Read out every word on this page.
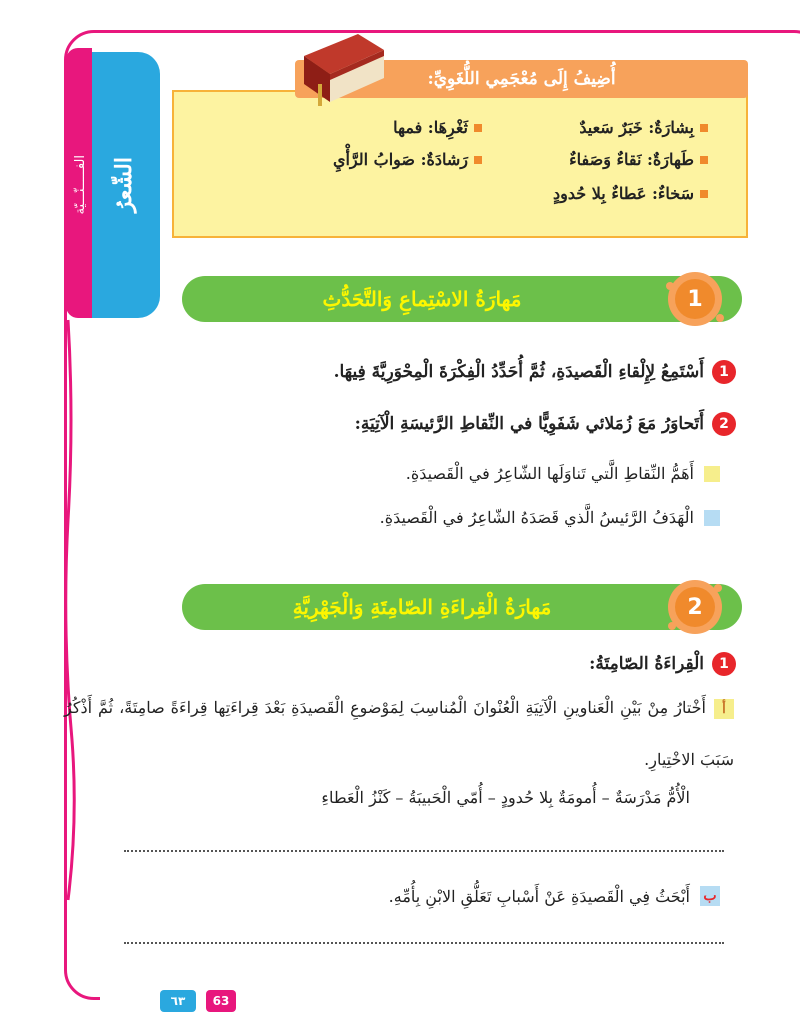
الفـــــنّـــيّة الشّعرُ
أُضِيفُ إِلَى مُعْجَمِي اللُّغَوِيِّ:
بِشارَةٌ: خَبَرٌ سَعيدٌ
ثَغْرِهَا: فمها
طَهارَةٌ: نَقاءٌ وَصَفاءٌ
رَشادَةٌ: صَوابُ الرَّأْيِ
سَخاءٌ: عَطاءٌ بِلا حُدودٍ
مَهارَةُ الاسْتِماعِ وَالتَّحَدُّثِ	1
1
أَسْتَمِعُ لِإِلْقاءِ الْقَصيدَةِ، ثُمَّ أُحَدِّدُ الْفِكْرَةَ الْمِحْوَرِيَّةَ فِيهَا.
2
أَتَحاوَرُ مَعَ زُمَلائي شَفَوِيًّا في النِّقاطِ الرَّئيسَةِ الْآتِيَةِ:
أَهَمُّ النِّقاطِ الَّتي تَناوَلَها الشّاعِرُ في الْقَصيدَةِ.
الْهَدَفُ الرَّئيسُ الَّذي قَصَدَهُ الشّاعِرُ في الْقَصيدَةِ.
مَهارَةُ الْقِراءَةِ الصّامِتَةِ وَالْجَهْرِيَّةِ	2
1
الْقِراءَةُ الصّامِتَةُ:
أأَخْتارُ مِنْ بَيْنِ الْعَناوينِ الْآتِيَةِ الْعُنْوانَ الْمُناسِبَ لِمَوْضوعِ الْقَصيدَةِ بَعْدَ قِراءَتِها قِراءَةً صامِتَةً، ثُمَّ أَذْكُرُ سَبَبَ الاخْتِيارِ.
الْأُمُّ مَدْرَسَةٌ – أُمومَةٌ بِلا حُدودٍ – أُمّي الْحَبيبَةُ – كَنْزُ الْعَطاءِ
ب
أَبْحَثُ فِي الْقَصيدَةِ عَنْ أَسْبابِ تَعَلُّقِ الابْنِ بِأُمِّهِ.
٦٣	63
